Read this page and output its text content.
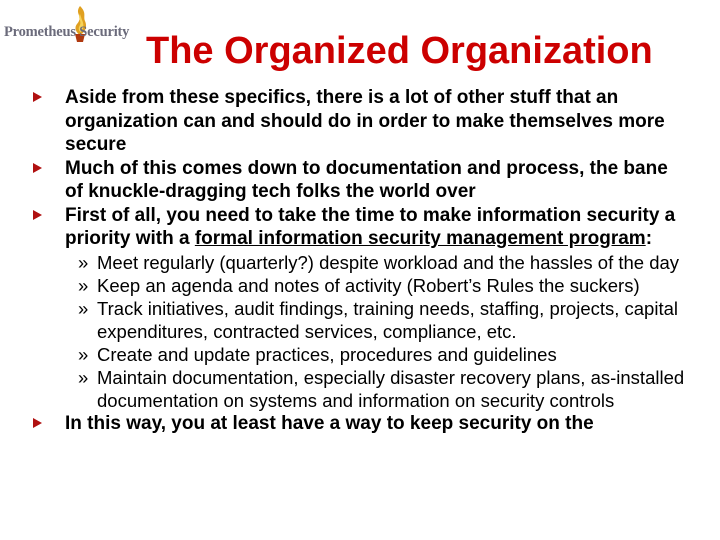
Prometheus Security The Organized Organization
Aside from these specifics, there is a lot of other stuff that an organization can and should do in order to make themselves more secure
Much of this comes down to documentation and process, the bane of knuckle-dragging tech folks the world over
First of all, you need to take the time to make information security a priority with a formal information security management program:
» Meet regularly (quarterly?) despite workload and the hassles of the day
» Keep an agenda and notes of activity (Robert’s Rules the suckers)
» Track initiatives, audit findings, training needs, staffing, projects, capital expenditures, contracted services, compliance, etc.
» Create and update practices, procedures and guidelines
» Maintain documentation, especially disaster recovery plans, as-installed documentation on systems and information on security controls
In this way, you at least have a way to keep security on the
